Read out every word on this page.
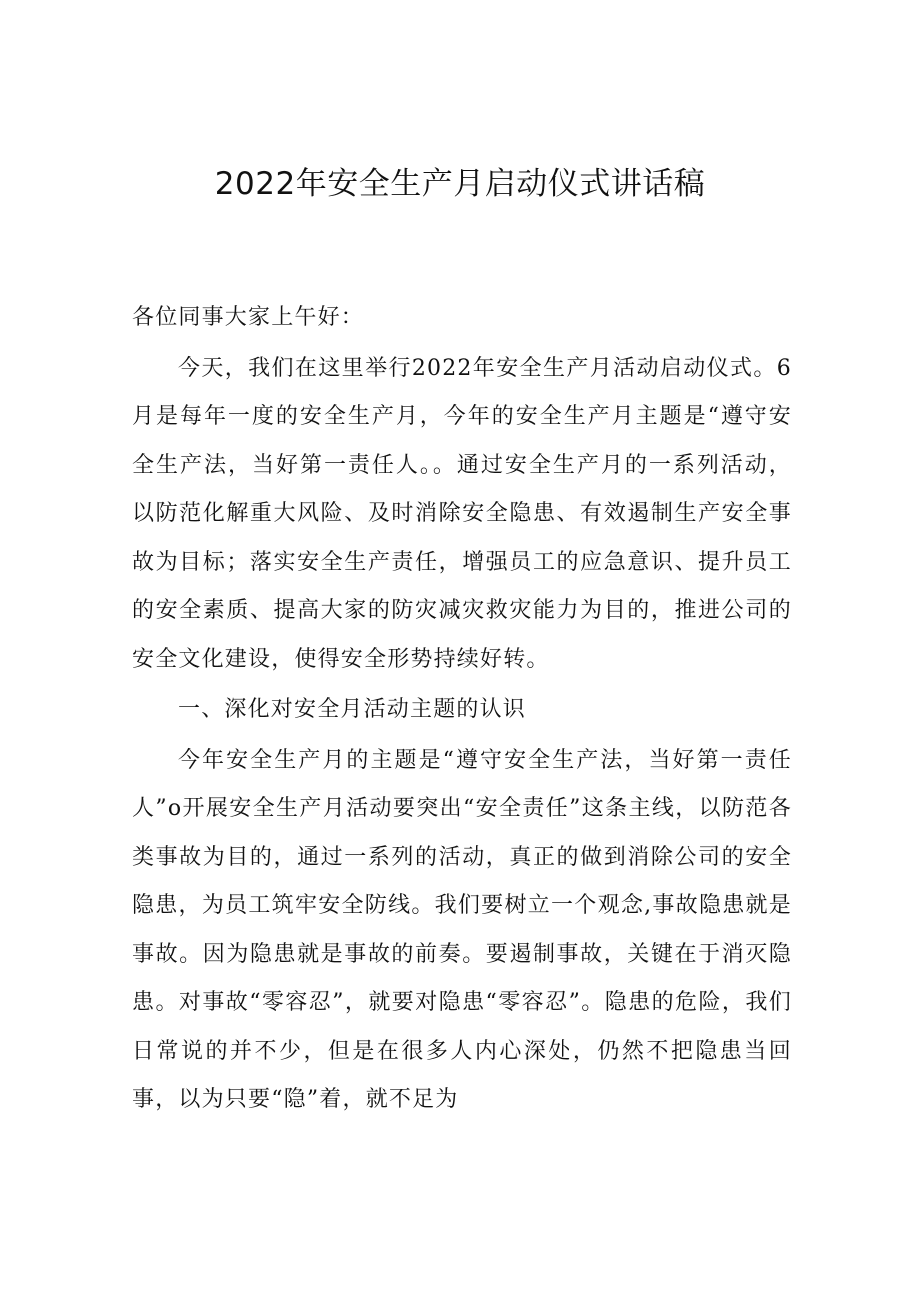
2022年安全生产月启动仪式讲话稿

各位同事大家上午好：

今天，我们在这里举行2022年安全生产月活动启动仪式。6月是每年一度的安全生产月，今年的安全生产月主题是“遵守安全生产法，当好第一责任人。。通过安全生产月的一系列活动，以防范化解重大风险、及时消除安全隐患、有效遏制生产安全事故为目标；落实安全生产责任，增强员工的应急意识、提升员工的安全素质、提高大家的防灾减灾救灾能力为目的，推进公司的安全文化建设，使得安全形势持续好转。

一、深化对安全月活动主题的认识

今年安全生产月的主题是“遵守安全生产法，当好第一责任人”o开展安全生产月活动要突出“安全责任”这条主线，以防范各类事故为目的，通过一系列的活动，真正的做到消除公司的安全隐患，为员工筑牢安全防线。我们要树立一个观念,事故隐患就是事故。因为隐患就是事故的前奏。要遏制事故，关键在于消灭隐患。对事故“零容忍”，就要对隐患“零容忍”。隐患的危险，我们日常说的并不少，但是在很多人内心深处，仍然不把隐患当回事，以为只要“隐”着，就不足为
